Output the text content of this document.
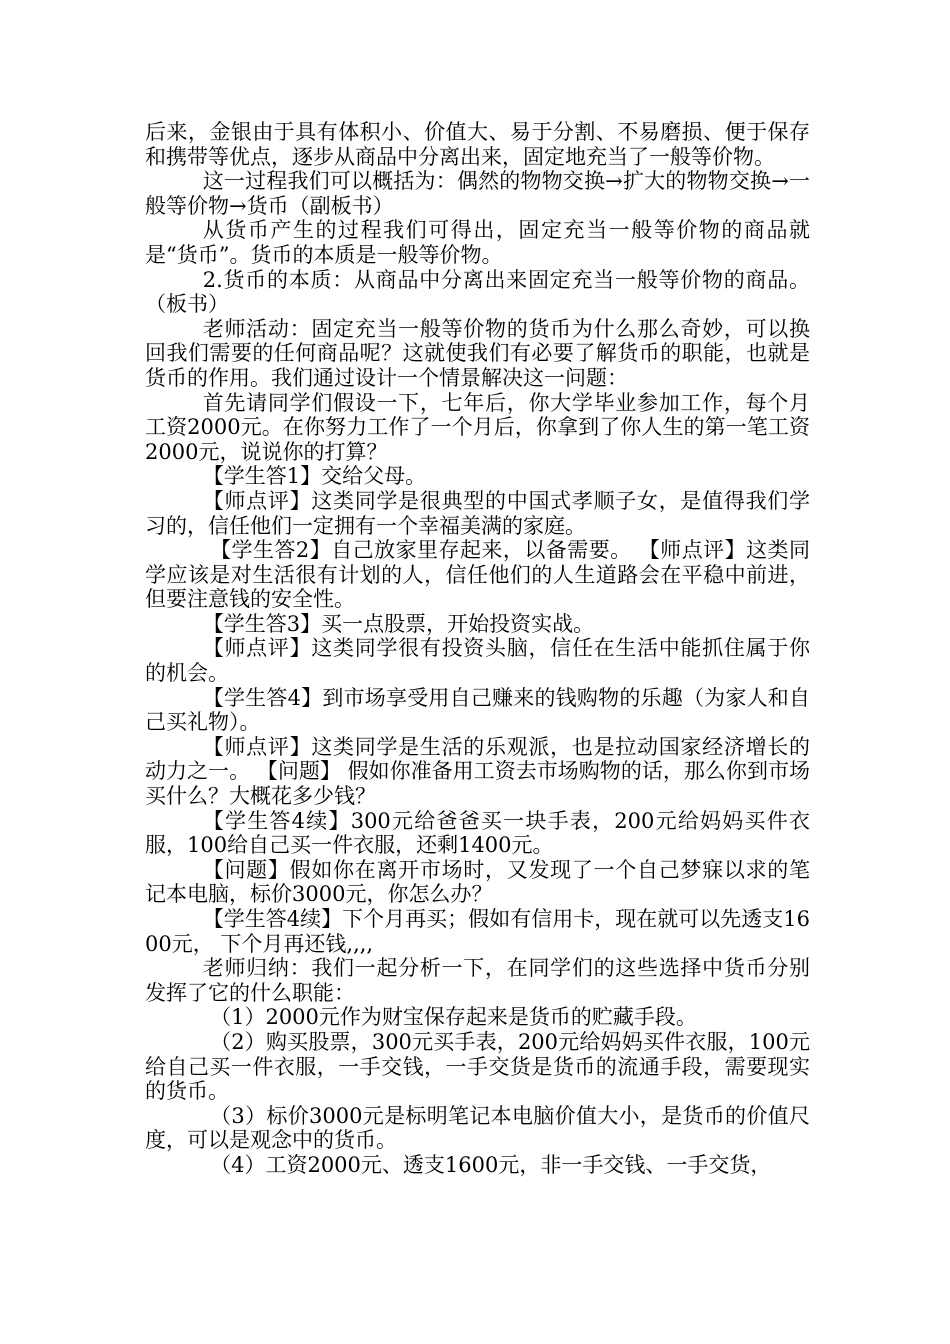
后来，金银由于具有体积小、价值大、易于分割、不易磨损、便于保存和携带等优点，逐步从商品中分离出来，固定地充当了一般等价物。

这一过程我们可以概括为：偶然的物物交换→扩大的物物交换→一般等价物→货币（副板书）

从货币产生的过程我们可得出，固定充当一般等价物的商品就是“货币”。货币的本质是一般等价物。

2.货币的本质：从商品中分离出来固定充当一般等价物的商品。（板书）

老师活动：固定充当一般等价物的货币为什么那么奇妙，可以换回我们需要的任何商品呢？这就使我们有必要了解货币的职能，也就是货币的作用。我们通过设计一个情景解决这一问题：

首先请同学们假设一下，七年后，你大学毕业参加工作，每个月工资2000元。在你努力工作了一个月后，你拿到了你人生的第一笔工资2000元，说说你的打算？

【学生答1】交给父母。

【师点评】这类同学是很典型的中国式孝顺子女，是值得我们学习的，信任他们一定拥有一个幸福美满的家庭。

【学生答2】自己放家里存起来，以备需要。 【师点评】这类同学应该是对生活很有计划的人，信任他们的人生道路会在平稳中前进，但要注意钱的安全性。

【学生答3】买一点股票，开始投资实战。

【师点评】这类同学很有投资头脑，信任在生活中能抓住属于你的机会。

【学生答4】到市场享受用自己赚来的钱购物的乐趣（为家人和自己买礼物）。

【师点评】这类同学是生活的乐观派，也是拉动国家经济增长的动力之一。 【问题】 假如你准备用工资去市场购物的话，那么你到市场买什么？大概花多少钱？

【学生答4续】300元给爸爸买一块手表，200元给妈妈买件衣服，100给自己买一件衣服，还剩1400元。

【问题】假如你在离开市场时，又发现了一个自己梦寐以求的笔记本电脑，标价3000元，你怎么办？

【学生答4续】下个月再买；假如有信用卡，现在就可以先透支1600元， 下个月再还钱,,,,

老师归纳：我们一起分析一下，在同学们的这些选择中货币分别发挥了它的什么职能：

（1）2000元作为财宝保存起来是货币的贮藏手段。

（2）购买股票，300元买手表，200元给妈妈买件衣服，100元给自己买一件衣服，一手交钱，一手交货是货币的流通手段，需要现实的货币。

（3）标价3000元是标明笔记本电脑价值大小，是货币的价值尺度，可以是观念中的货币。

（4）工资2000元、透支1600元，非一手交钱、一手交货，
